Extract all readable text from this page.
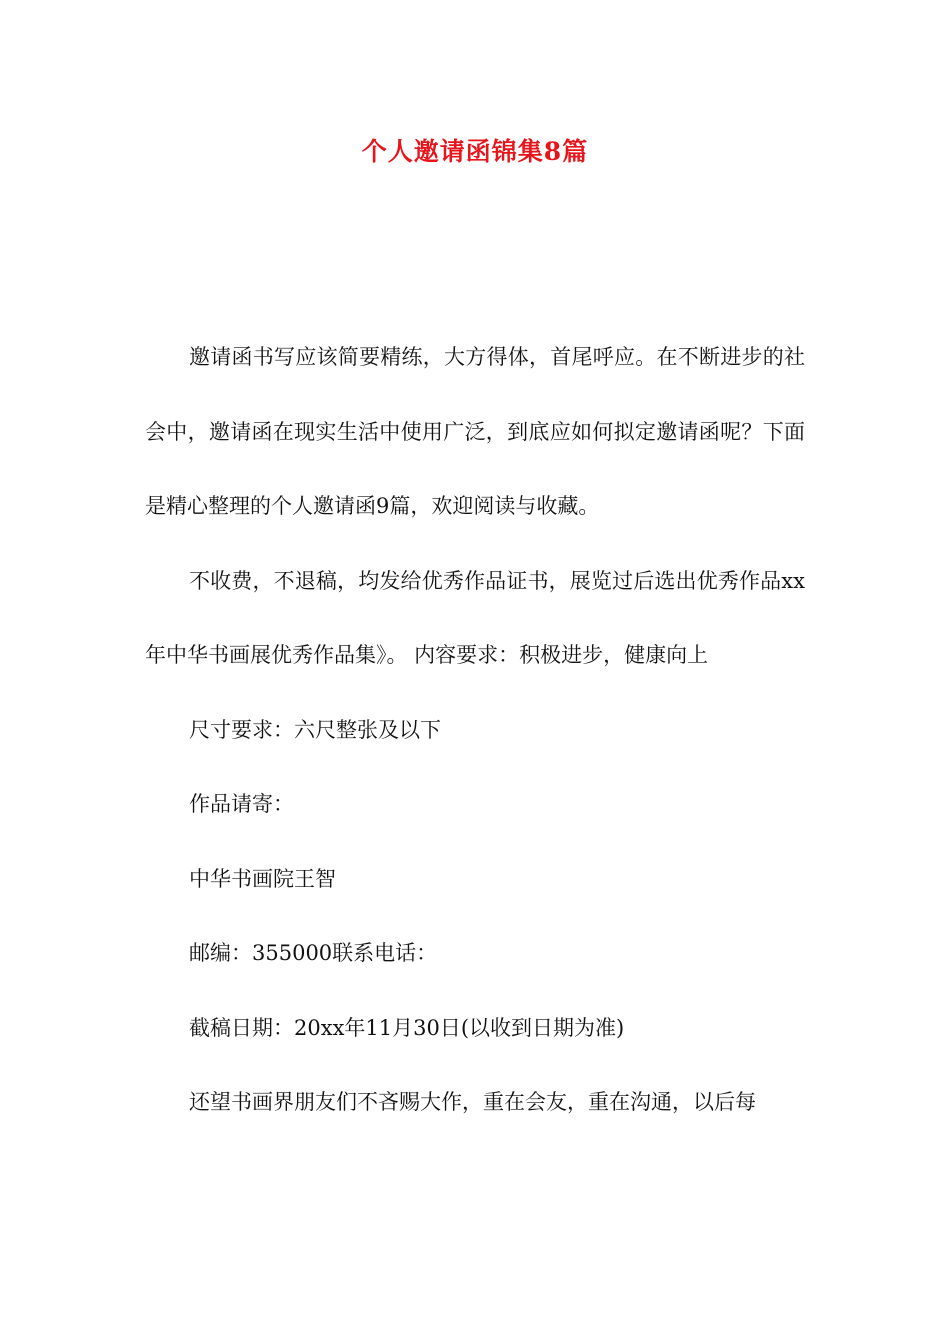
个人邀请函锦集8篇

邀请函书写应该简要精练，大方得体，首尾呼应。在不断进步的社会中，邀请函在现实生活中使用广泛，到底应如何拟定邀请函呢？下面是精心整理的个人邀请函9篇，欢迎阅读与收藏。

不收费，不退稿，均发给优秀作品证书，展览过后选出优秀作品xx年中华书画展优秀作品集》。 内容要求：积极进步，健康向上

尺寸要求：六尺整张及以下

作品请寄：

中华书画院王智

邮编：355000联系电话：

截稿日期：20xx年11月30日(以收到日期为准)

还望书画界朋友们不吝赐大作，重在会友，重在沟通，以后每
